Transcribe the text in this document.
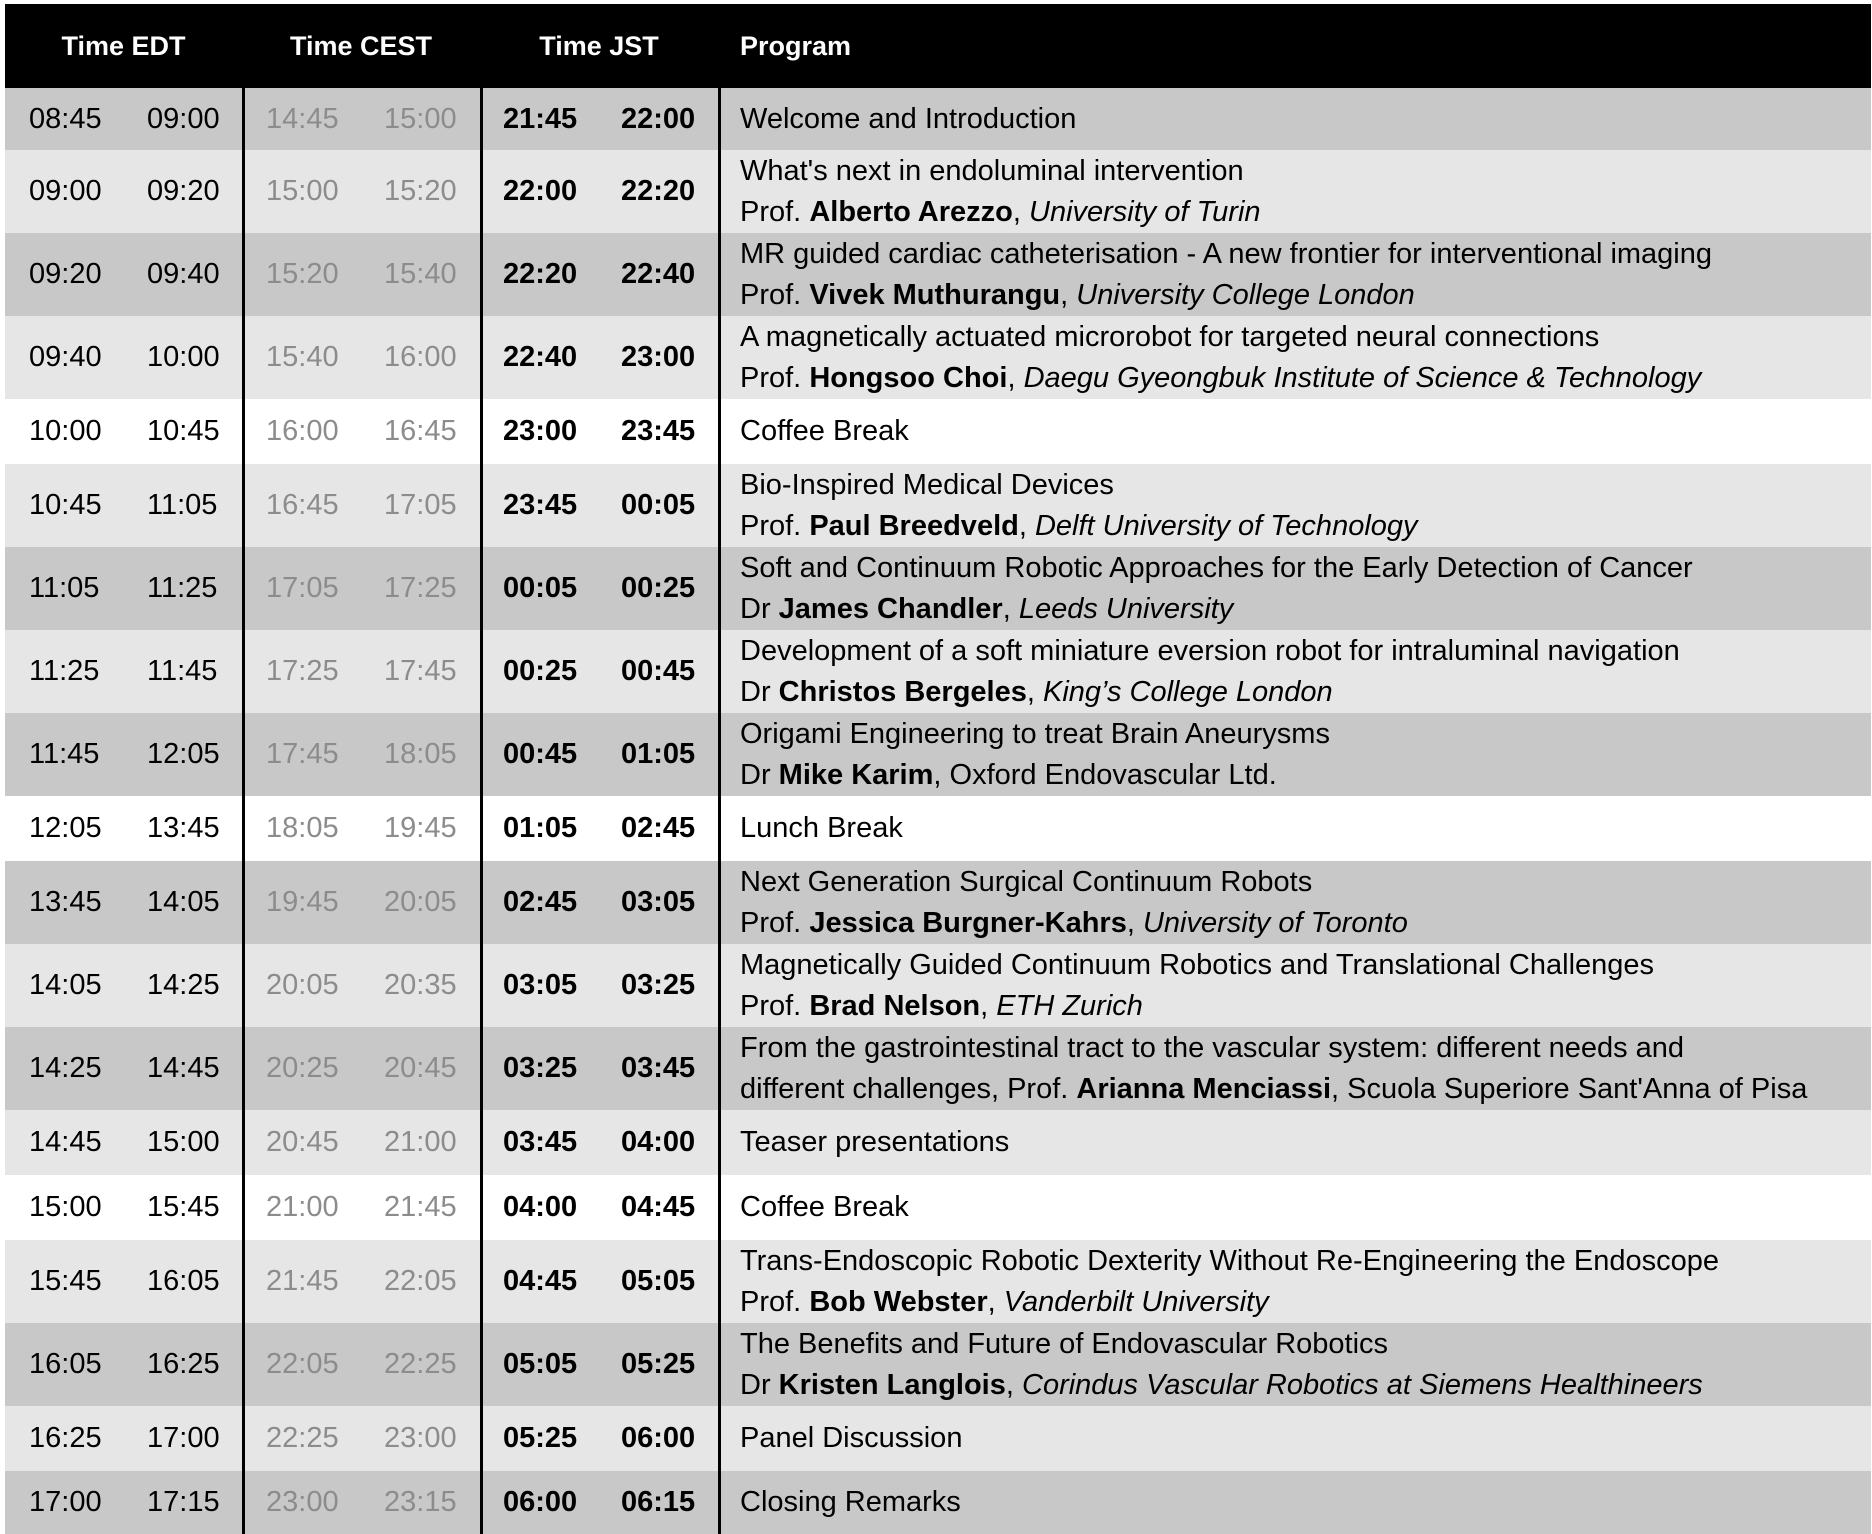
Time EDT	Time CEST	Time JST	Program
08:45 09:00 14:45 15:00 21:45 22:00 Welcome and Introduction
09:00 09:20 15:00 15:20 22:00 22:20
What's next in endoluminal intervention
Prof. Alberto Arezzo, University of Turin
09:20 09:40 15:20 15:40 22:20 22:40
MR guided cardiac catheterisation - A new frontier for interventional imaging
Prof. Vivek Muthurangu, University College London
09:40 10:00 15:40 16:00 22:40 23:00
A magnetically actuated microrobot for targeted neural connections
Prof. Hongsoo Choi, Daegu Gyeongbuk Institute of Science & Technology
10:00 10:45 16:00 16:45 23:00 23:45 Coffee Break
10:45 11:05 16:45 17:05 23:45 00:05
Bio-Inspired Medical Devices
Prof. Paul Breedveld, Delft University of Technology
11:05 11:25 17:05 17:25 00:05 00:25
Soft and Continuum Robotic Approaches for the Early Detection of Cancer
Dr James Chandler, Leeds University
11:25 11:45 17:25 17:45 00:25 00:45
Development of a soft miniature eversion robot for intraluminal navigation
Dr Christos Bergeles, King’s College London
11:45 12:05 17:45 18:05 00:45 01:05
Origami Engineering to treat Brain Aneurysms
Dr Mike Karim, Oxford Endovascular Ltd.
12:05 13:45 18:05 19:45 01:05 02:45 Lunch Break
13:45 14:05 19:45 20:05 02:45 03:05
Next Generation Surgical Continuum Robots
Prof. Jessica Burgner-Kahrs, University of Toronto
14:05 14:25 20:05 20:35 03:05 03:25
Magnetically Guided Continuum Robotics and Translational Challenges
Prof. Brad Nelson, ETH Zurich
14:25 14:45 20:25 20:45 03:25 03:45
From the gastrointestinal tract to the vascular system: different needs and
different challenges, Prof. Arianna Menciassi, Scuola Superiore Sant'Anna of Pisa
14:45 15:00 20:45 21:00 03:45 04:00 Teaser presentations
15:00 15:45 21:00 21:45 04:00 04:45 Coffee Break
15:45 16:05 21:45 22:05 04:45 05:05
Trans-Endoscopic Robotic Dexterity Without Re-Engineering the Endoscope
Prof. Bob Webster, Vanderbilt University
16:05 16:25 22:05 22:25 05:05 05:25
The Benefits and Future of Endovascular Robotics
Dr Kristen Langlois, Corindus Vascular Robotics at Siemens Healthineers
16:25 17:00 22:25 23:00 05:25 06:00 Panel Discussion
17:00 17:15 23:00 23:15 06:00 06:15 Closing Remarks
